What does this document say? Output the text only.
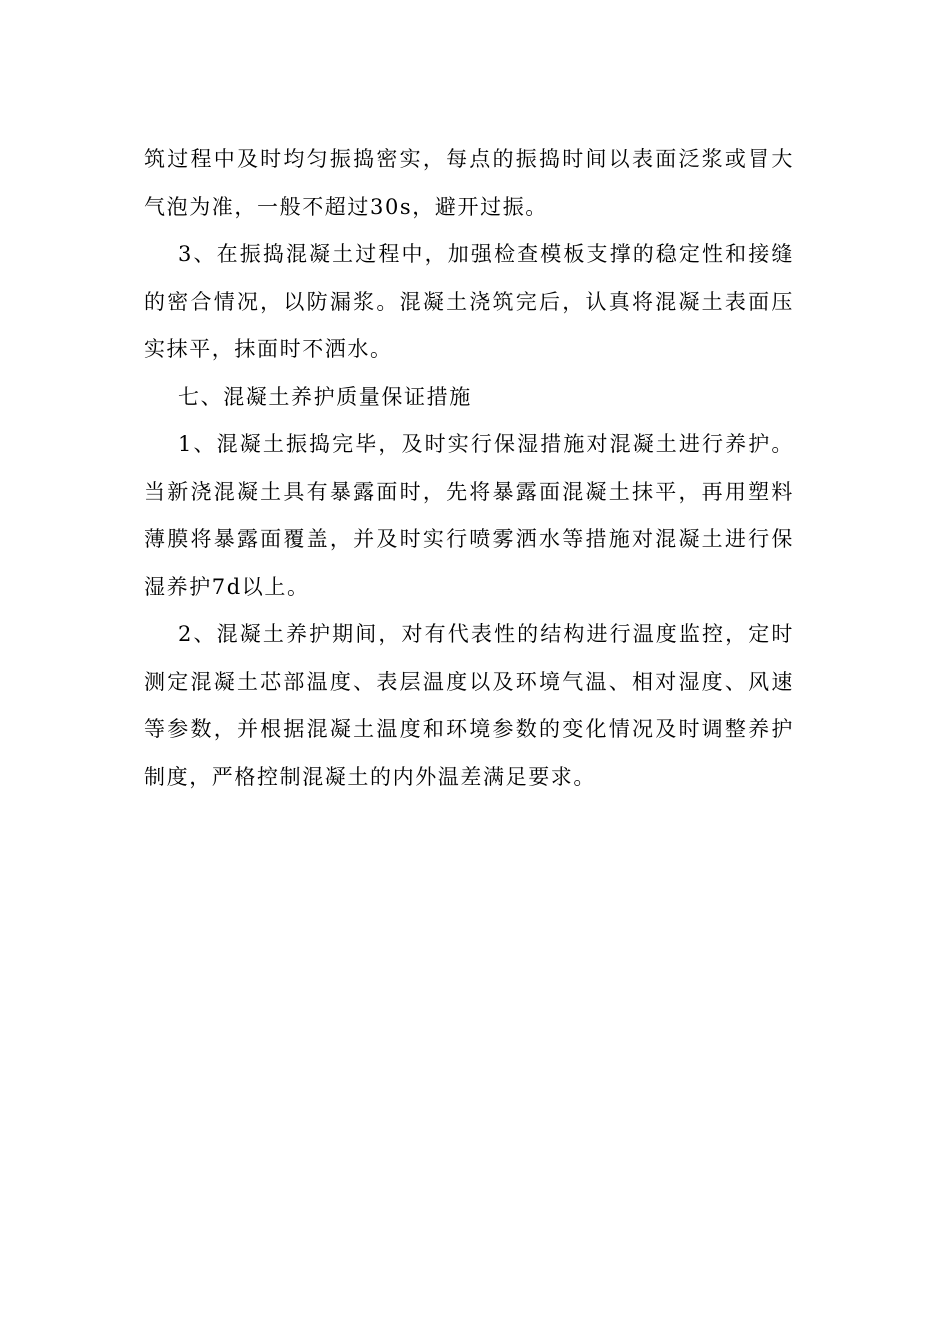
筑过程中及时均匀振捣密实，每点的振捣时间以表面泛浆或冒大气泡为准，一般不超过30s，避开过振。

3、在振捣混凝土过程中，加强检查模板支撑的稳定性和接缝的密合情况，以防漏浆。混凝土浇筑完后，认真将混凝土表面压实抹平，抹面时不洒水。

七、混凝土养护质量保证措施

1、混凝土振捣完毕，及时实行保湿措施对混凝土进行养护。当新浇混凝土具有暴露面时，先将暴露面混凝土抹平，再用塑料薄膜将暴露面覆盖，并及时实行喷雾洒水等措施对混凝土进行保湿养护7d以上。

2、混凝土养护期间，对有代表性的结构进行温度监控，定时测定混凝土芯部温度、表层温度以及环境气温、相对湿度、风速等参数，并根据混凝土温度和环境参数的变化情况及时调整养护制度，严格控制混凝土的内外温差满足要求。
